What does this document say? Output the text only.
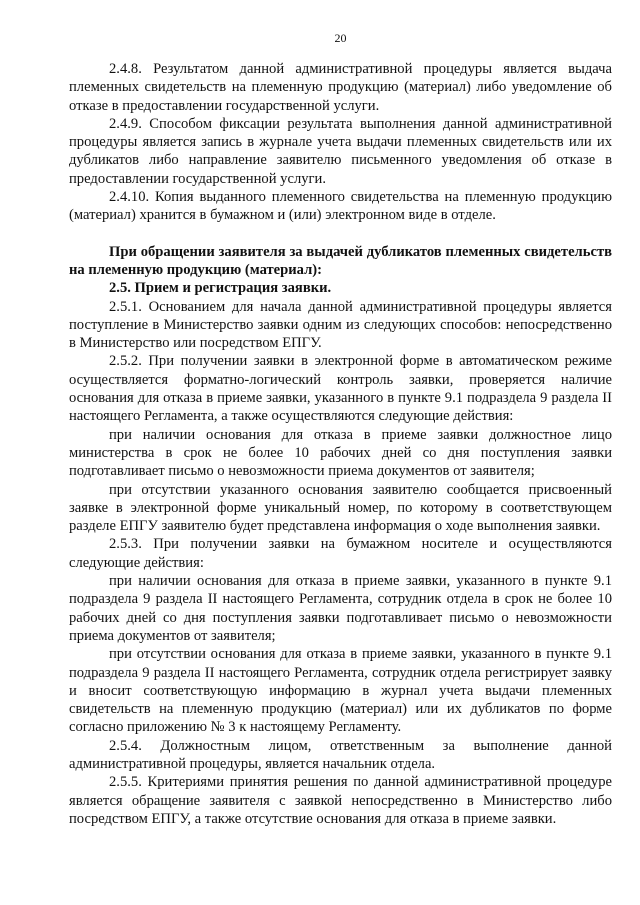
20

2.4.8. Результатом данной административной процедуры является выдача племенных свидетельств на племенную продукцию (материал) либо уведомление об отказе в предоставлении государственной услуги.

2.4.9. Способом фиксации результата выполнения данной административной процедуры является запись в журнале учета выдачи племенных свидетельств или их дубликатов либо направление заявителю письменного уведомления об отказе в предоставлении государственной услуги.

2.4.10. Копия выданного племенного свидетельства на племенную продукцию (материал) хранится в бумажном и (или) электронном виде в отделе.

При обращении заявителя за выдачей дубликатов племенных свидетельств на племенную продукцию (материал):

2.5. Прием и регистрация заявки.

2.5.1. Основанием для начала данной административной процедуры является поступление в Министерство заявки одним из следующих способов: непосредственно в Министерство или посредством ЕПГУ.

2.5.2. При получении заявки в электронной форме в автоматическом режиме осуществляется форматно-логический контроль заявки, проверяется наличие основания для отказа в приеме заявки, указанного в пункте 9.1 подраздела 9 раздела II настоящего Регламента, а также осуществляются следующие действия:

при наличии основания для отказа в приеме заявки должностное лицо министерства в срок не более 10 рабочих дней со дня поступления заявки подготавливает письмо о невозможности приема документов от заявителя;

при отсутствии указанного основания заявителю сообщается присвоенный заявке в электронной форме уникальный номер, по которому в соответствующем разделе ЕПГУ заявителю будет представлена информация о ходе выполнения заявки.

2.5.3. При получении заявки на бумажном носителе и осуществляются следующие действия:

при наличии основания для отказа в приеме заявки, указанного в пункте 9.1 подраздела 9 раздела II настоящего Регламента, сотрудник отдела в срок не более 10 рабочих дней со дня поступления заявки подготавливает письмо о невозможности приема документов от заявителя;

при отсутствии основания для отказа в приеме заявки, указанного в пункте 9.1 подраздела 9 раздела II настоящего Регламента, сотрудник отдела регистрирует заявку и вносит соответствующую информацию в журнал учета выдачи племенных свидетельств на племенную продукцию (материал) или их дубликатов по форме согласно приложению № 3 к настоящему Регламенту.

2.5.4. Должностным лицом, ответственным за выполнение данной административной процедуры, является начальник отдела.

2.5.5. Критериями принятия решения по данной административной процедуре является обращение заявителя с заявкой непосредственно в Министерство либо посредством ЕПГУ, а также отсутствие основания для отказа в приеме заявки.
